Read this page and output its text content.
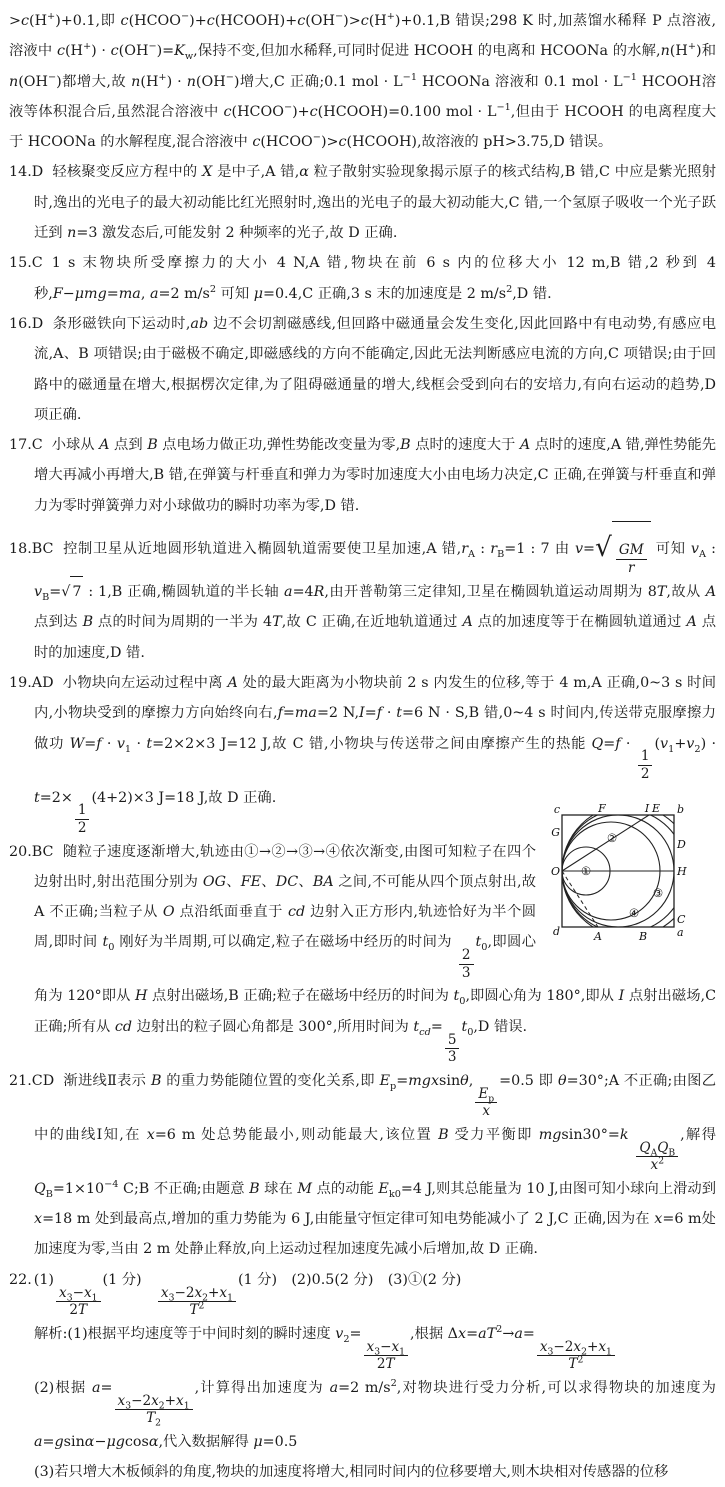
>c(H+)+0.1,即 c(HCOO−)+c(HCOOH)+c(OH−)>c(H+)+0.1,B 错误;298 K 时,加蒸馏水稀释 P 点溶液,溶液中 $c(H^+) \cdot c(OH^-)=K_w$,保持不变,但加水稀释,可同时促进 HCOOH 的电离和 HCOONa 的水解,n(H+)和 n(OH−)都增大,故 n(H+) · n(OH−)增大,C 正确;0.1 mol · $L^{-1}$ HCOONa 溶液和 0.1 mol · $L^{-1}$ HCOOH溶液等体积混合后,虽然混合溶液中 c(HCOO−)+c(HCOOH)=0.100 mol · $L^{-1}$,但由于 HCOOH 的电离程度大于 HCOONa 的水解程度,混合溶液中 c(HCOO−)>c(HCOOH),故溶液的 pH>3.75,D 错误。

14.D 轻核聚变反应方程中的 X 是中子,A 错,α 粒子散射实验现象揭示原子的核式结构,B 错,C 中应是紫光照射时,逸出的光电子的最大初动能比红光照射时,逸出的光电子的最大初动能大,C 错,一个氢原子吸收一个光子跃迁到 n=3 激发态后,可能发射 2 种频率的光子,故 D 正确.

15.C 1 s 末物块所受摩擦力的大小 4 N,A 错,物块在前 6 s 内的位移大小 12 m,B 错,2 秒到 4 秒,F−μmg=ma, a=2 $m/s^2$ 可知 μ=0.4,C 正确,3 s 末的加速度是 2 $m/s^2,D$ 错.

16.D 条形磁铁向下运动时,ab 边不会切割磁感线,但回路中磁通量会发生变化,因此回路中有电动势,有感应电流,A、B 项错误;由于磁极不确定,即磁感线的方向不能确定,因此无法判断感应电流的方向,C 项错误;由于回路中的磁通量在增大,根据楞次定律,为了阻碍磁通量的增大,线框会受到向右的安培力,有向右运动的趋势,D 项正确.

17.C 小球从 A 点到 B 点电场力做正功,弹性势能改变量为零,B 点时的速度大于 A 点时的速度,A 错,弹性势能先增大再减小再增大,B 错,在弹簧与杆垂直和弹力为零时加速度大小由电场力决定,C 正确,在弹簧与杆垂直和弹力为零时弹簧弹力对小球做功的瞬时功率为零,D 错.

18.BC 控制卫星从近地圆形轨道进入椭圆轨道需要使卫星加速,A 错$,r_A$ : $r_B=1$ : 7 由 v= √ $\frac{GM}{r}$ 可知 $v_A$ : $v_B=$ √ 7 : 1,B 正确,椭圆轨道的半长轴 a=4R,由开普勒第三定律知,卫星在椭圆轨道运动周期为 8T,故从 A 点到达 B 点的时间为周期的一半为 4T,故 C 正确,在近地轨道通过 A 点的加速度等于在椭圆轨道通过 A 点时的加速度,D 错.

19.AD 小物块向左运动过程中离 A 处的最大距离为小物块前 2 s 内发生的位移,等于 4 m,A 正确,0~3 s 时间内,小物块受到的摩擦力方向始终向右,f=ma=2 N,I=f · t=6 N · S,B 错,0~4 s 时间内,传送带克服摩擦力做功 $W=f \cdot v_1 \cdot t=2\times 2\times 3$ J=12 J,故 C 错,小物块与传送带之间由摩擦产生的热能 Q=f ·
$\frac{1}{2}$
$(v_1+v_2) \cdot t=2\times$
$\frac{1}{2}$
(4+2)×3 J=18 J,故 D 正确.

c	F	I E b
G
O
d	A	B	a
D
H
C
①
②
③
④
20.BC 随粒子速度逐渐增大,轨迹由①→②→③→④依次渐变,由图可知粒子在四个边射出时,射出范围分别为 OG、FE、DC、BA 之间,不可能从四个顶点射出,故 A 不正确;当粒子从 O 点沿纸面垂直于 cd 边射入正方形内,轨迹恰好为半个圆周,即时间 $t_0$ 刚好为半周期,可以确定,粒子在磁场中经历的时间为
$\frac{2}{3}$
$t_0$,即圆心角为 120°即从 H 点射出磁场,B 正确;粒子在磁场中经历的时间为 $t_0$,即圆心角为 180°,即从 I 点射出磁场,C 正确;所有从 cd 边射出的粒子圆心角都是 300°,所用时间为 $t_{cd}=$
$\frac{5}{3}$
$t_0,D$ 错误.

21.CD 渐进线Ⅱ表示 B 的重力势能随位置的变化关系,即 $E_p=mgxsin\theta$,
$\frac{E_p}{x}$
=0.5 即 θ=30°;A 不正确;由图乙中的曲线Ⅰ知,在 x=6 m 处总势能最小,则动能最大,该位置 B 受力平衡即 mgsin30°=k
$\frac{Q_AQ_B}{x^2}$
,解得 $Q_B=1\times 10^{-4}$ C;B 不正确;由题意 B 球在 M 点的动能 $E_{k0}=4$ J,则其总能量为 10 J,由图可知小球向上滑动到 x=18 m 处到最高点,增加的重力势能为 6 J,由能量守恒定律可知电势能减小了 2 J,C 正确,因为在 x=6 m处加速度为零,当由 2 m 处静止释放,向上运动过程加速度先减小后增加,故 D 正确.

22. (1)
$\frac{x_3-x_1}{2T}$
(1 分) 
$\frac{x_3-2x_2+x_1}{T^2}$
(1 分) (2)0.5(2 分) (3)①(2 分)
解析:(1)根据平均速度等于中间时刻的瞬时速度 $v_2=$
$\frac{x_3-x_1}{2T}$
,根据 $\Delta x=aT^2\to a=$
$\frac{x_3-2x_2+x_1}{T^2}$

(2)根据 a=
$\frac{x_3-2x_2+x_1}{T_2}$
,计算得出加速度为 a=2 $m/s^2$,对物块进行受力分析,可以求得物块的加速度为 a=gsinα−μgcosα,代入数据解得 μ=0.5
(3)若只增大木板倾斜的角度,物块的加速度将增大,相同时间内的位移要增大,则木块相对传感器的位移
